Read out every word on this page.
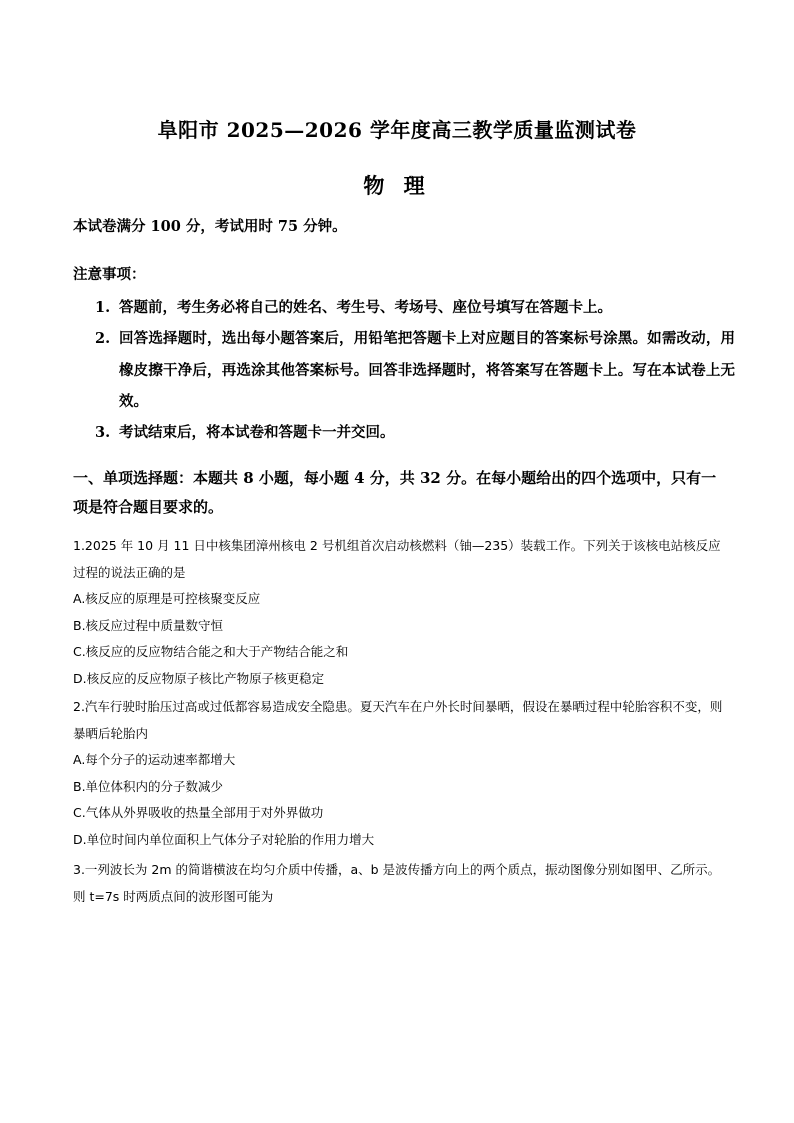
阜阳市 2025—2026 学年度高三教学质量监测试卷
物 理
本试卷满分 100 分，考试用时 75 分钟。
注意事项：
1. 答题前，考生务必将自己的姓名、考生号、考场号、座位号填写在答题卡上。
2. 回答选择题时，选出每小题答案后，用铅笔把答题卡上对应题目的答案标号涂黑。如需改动，用橡皮擦干净后，再选涂其他答案标号。回答非选择题时，将答案写在答题卡上。写在本试卷上无效。
3. 考试结束后，将本试卷和答题卡一并交回。
一、单项选择题：本题共 8 小题，每小题 4 分，共 32 分。在每小题给出的四个选项中，只有一项是符合题目要求的。
1.2025 年 10 月 11 日中核集团漳州核电 2 号机组首次启动核燃料（铀—235）装载工作。下列关于该核电站核反应过程的说法正确的是
A.核反应的原理是可控核聚变反应
B.核反应过程中质量数守恒
C.核反应的反应物结合能之和大于产物结合能之和
D.核反应的反应物原子核比产物原子核更稳定
2.汽车行驶时胎压过高或过低都容易造成安全隐患。夏天汽车在户外长时间暴晒，假设在暴晒过程中轮胎容积不变，则暴晒后轮胎内
A.每个分子的运动速率都增大
B.单位体积内的分子数减少
C.气体从外界吸收的热量全部用于对外界做功
D.单位时间内单位面积上气体分子对轮胎的作用力增大
3.一列波长为 2m 的简谐横波在均匀介质中传播，a、b 是波传播方向上的两个质点，振动图像分别如图甲、乙所示。则 t=7s 时两质点间的波形图可能为
